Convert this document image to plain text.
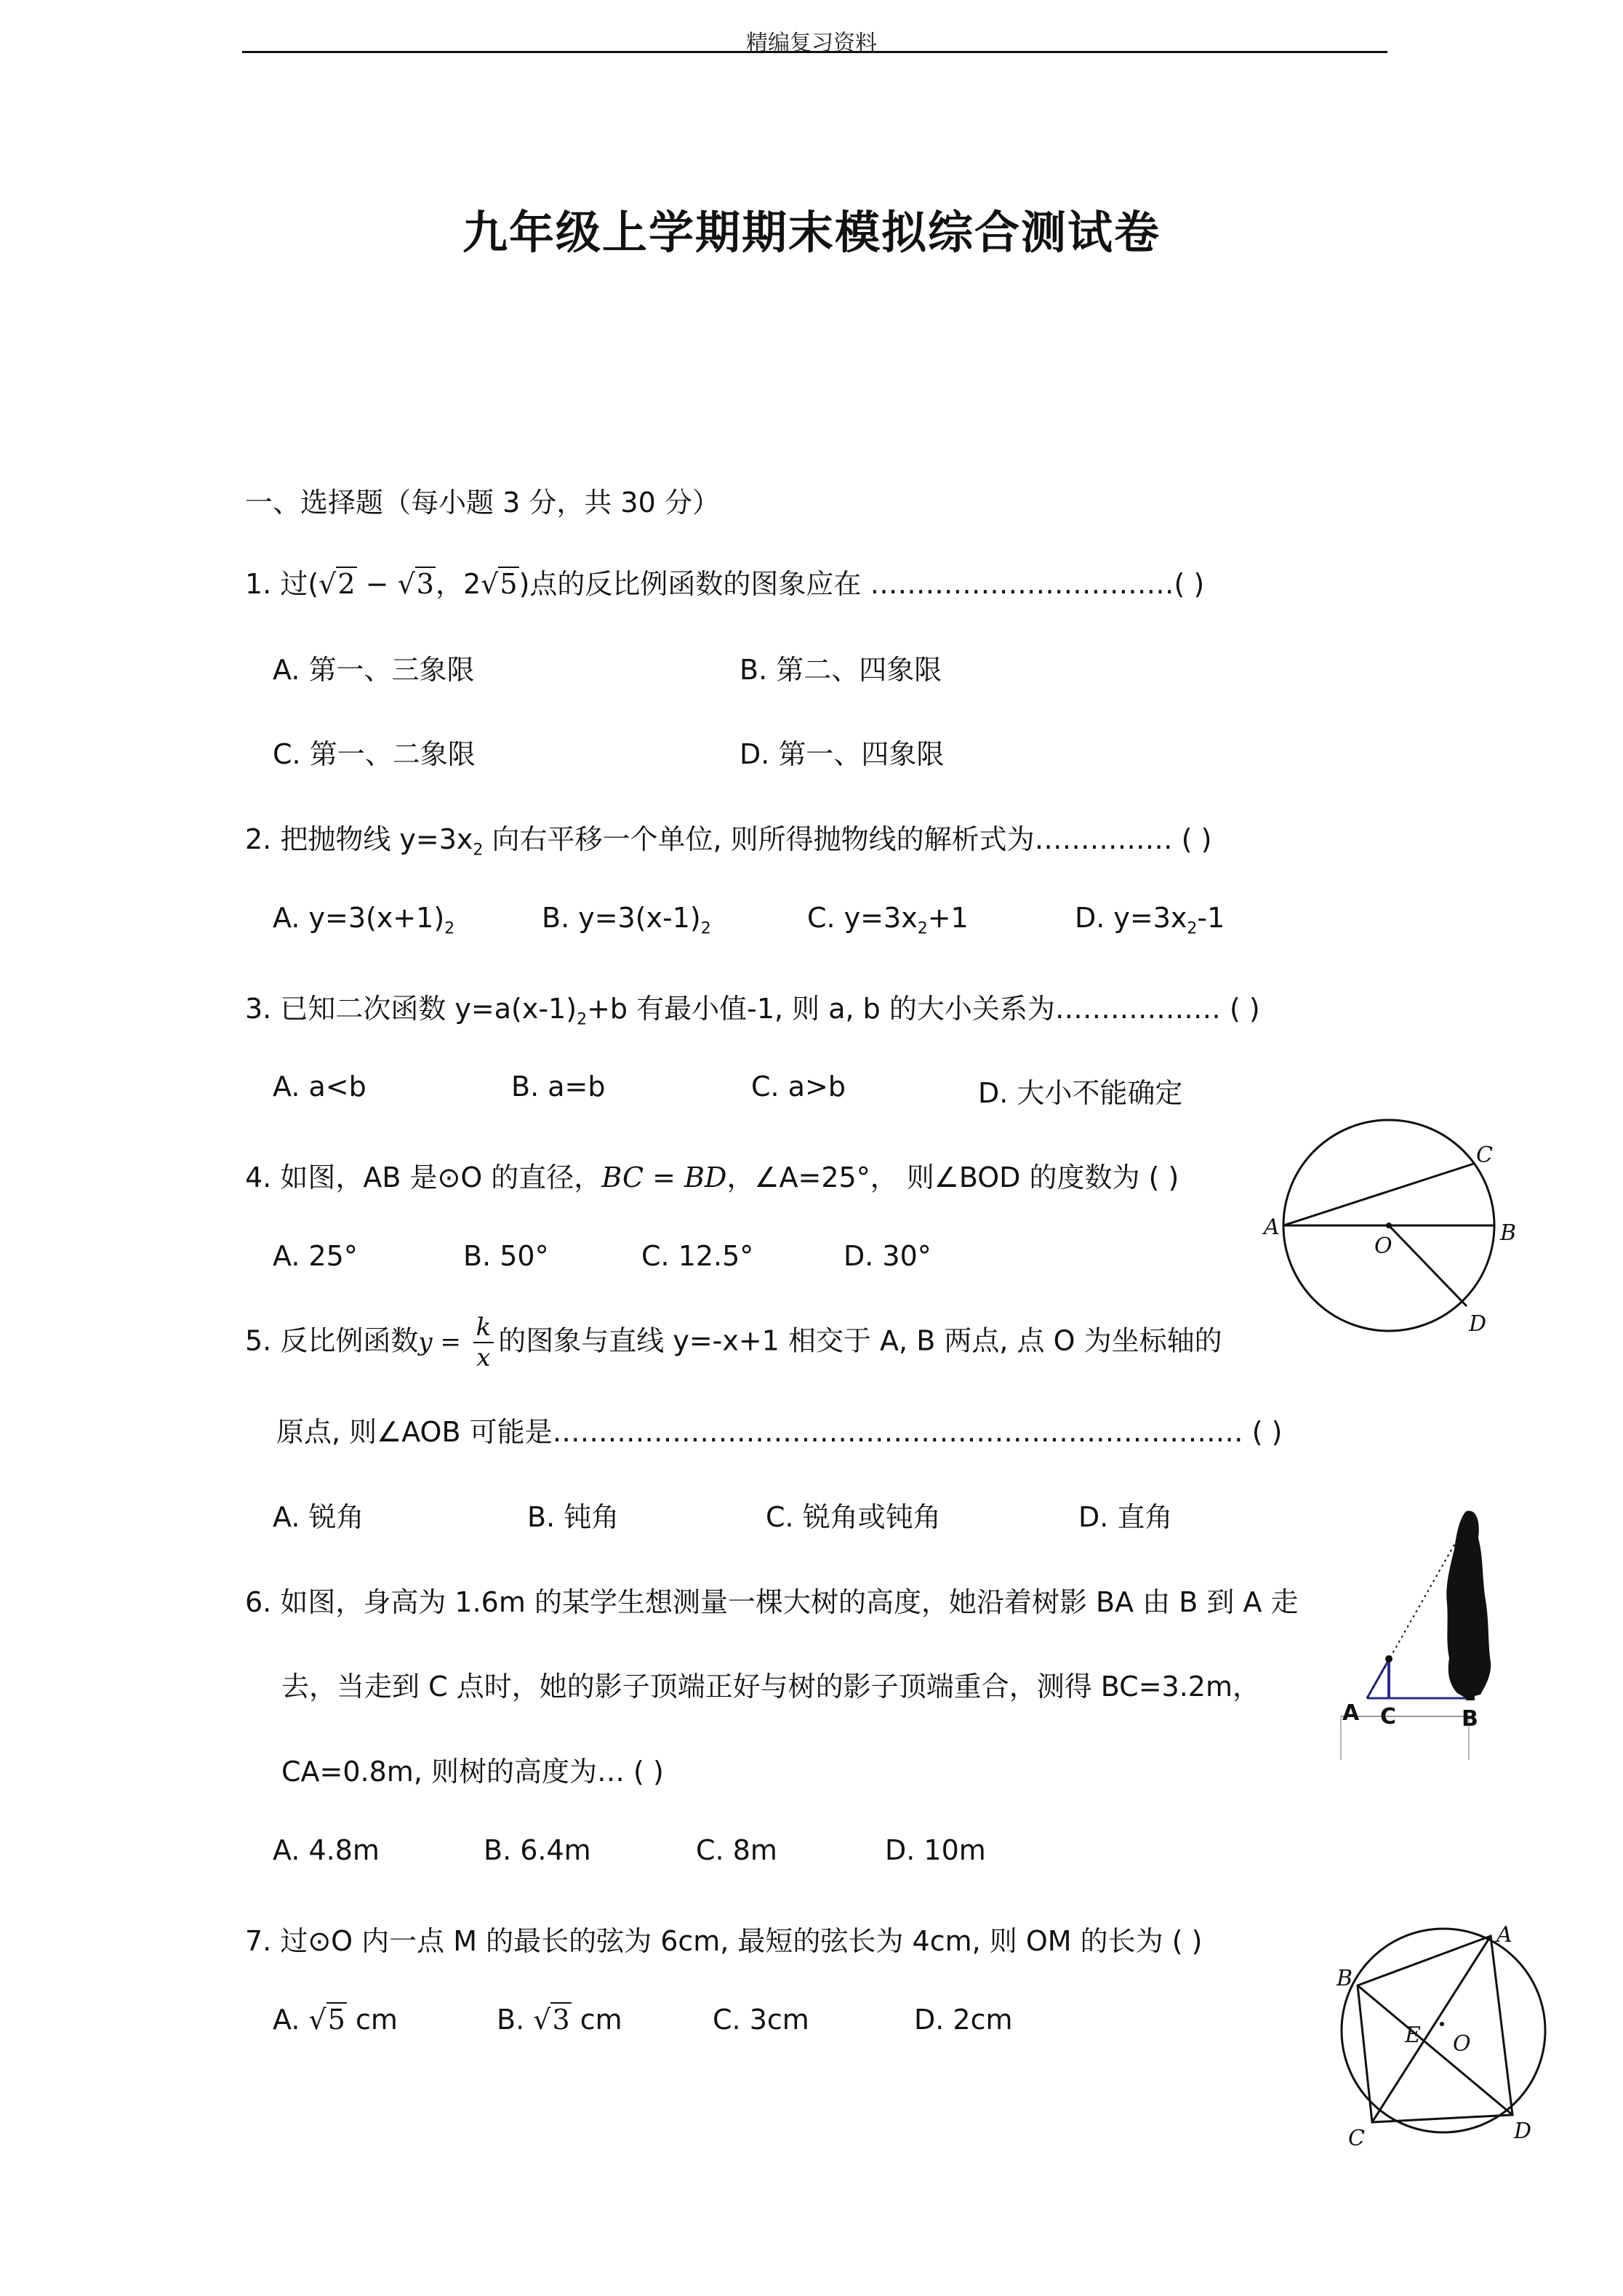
精编复习资料
九年级上学期期末模拟综合测试卷
一、选择题（每小题 3 分，共 30 分）
1. 过(√2 − √3，2√5)点的反比例函数的图象应在 ……………………………( )
A. 第一、三象限	B. 第二、四象限
C. 第一、二象限	D. 第一、四象限
2. 把抛物线 $y=3x_2$ 向右平移一个单位, 则所得抛物线的解析式为…………… ( )
A. $y=3(x+1)_2$	B. $y=3(x-1)_2$	C. $y=3x_2+1$	D. $y=3x_2-1$
3. 已知二次函数 $y=a(x-1)_2+b$ 有最小值-1, 则 a, b 的大小关系为……………… ( )
A. a<b	B. a=b	C. a>b	D. 大小不能确定
4. 如图，AB 是⊙O 的直径，BC = BD，∠A=25°， 则∠BOD 的度数为 ( )
A. 25°	B. 50°	C. 12.5°	D. 30°
A	B
C
D
O
5. 反比例函数$y = \frac{k}{x}$ 的图象与直线 y=-x+1 相交于 A, B 两点, 点 O 为坐标轴的
原点, 则∠AOB 可能是………………………………………………………………… ( )
A. 锐角	B. 钝角	C. 锐角或钝角	D. 直角
6. 如图，身高为 1.6m 的某学生想测量一棵大树的高度，她沿着树影 BA 由 B 到 A 走
去，当走到 C 点时，她的影子顶端正好与树的影子顶端重合，测得 BC=3.2m，
CA=0.8m, 则树的高度为… ( )
A. 4.8m	B. 6.4m	C. 8m	D. 10m
A C	B
7. 过⊙O 内一点 M 的最长的弦为 6cm, 最短的弦长为 4cm, 则 OM 的长为 ( )
A. √5 cm	B. √3 cm	C. 3cm	D. 2cm
A
B
C	D
E O
